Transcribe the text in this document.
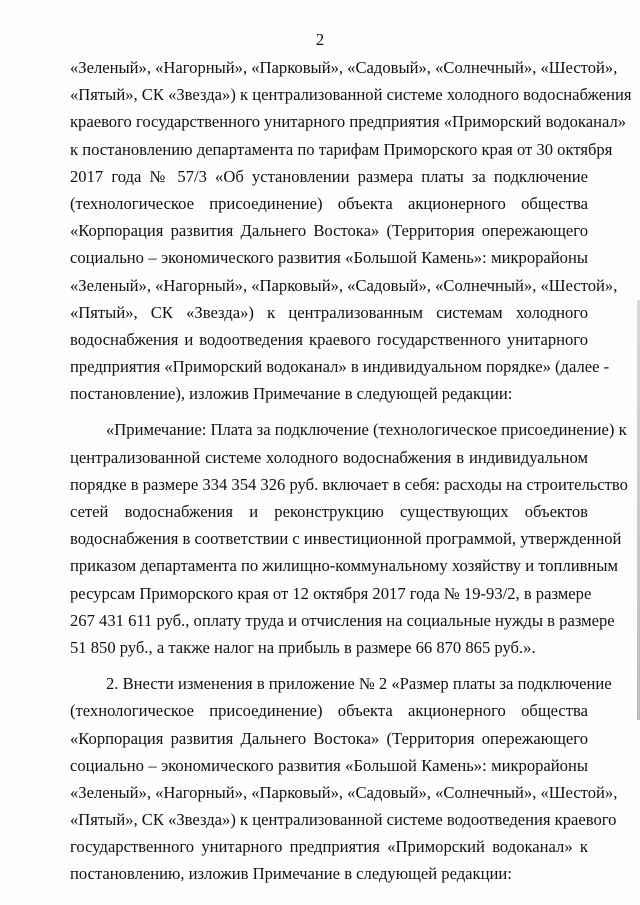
2
«Зеленый», «Нагорный», «Парковый», «Садовый», «Солнечный», «Шестой»,
«Пятый», СК «Звезда») к централизованной системе холодного водоснабжения
краевого государственного унитарного предприятия «Приморский водоканал»
к постановлению департамента по тарифам Приморского края от 30 октября
2017 года № 57/3 «Об установлении размера платы за подключение
(технологическое присоединение) объекта акционерного общества
«Корпорация развития Дальнего Востока» (Территория опережающего
социально – экономического развития «Большой Камень»: микрорайоны
«Зеленый», «Нагорный», «Парковый», «Садовый», «Солнечный», «Шестой»,
«Пятый», СК «Звезда») к централизованным системам холодного
водоснабжения и водоотведения краевого государственного унитарного
предприятия «Приморский водоканал» в индивидуальном порядке» (далее -
постановление), изложив Примечание в следующей редакции:
«Примечание: Плата за подключение (технологическое присоединение) к
централизованной системе холодного водоснабжения в индивидуальном
порядке в размере 334 354 326 руб. включает в себя: расходы на строительство
сетей водоснабжения и реконструкцию существующих объектов
водоснабжения в соответствии с инвестиционной программой, утвержденной
приказом департамента по жилищно-коммунальному хозяйству и топливным
ресурсам Приморского края от 12 октября 2017 года № 19-93/2, в размере
267 431 611 руб., оплату труда и отчисления на социальные нужды в размере
51 850 руб., а также налог на прибыль в размере 66 870 865 руб.».
2. Внести изменения в приложение № 2 «Размер платы за подключение
(технологическое присоединение) объекта акционерного общества
«Корпорация развития Дальнего Востока» (Территория опережающего
социально – экономического развития «Большой Камень»: микрорайоны
«Зеленый», «Нагорный», «Парковый», «Садовый», «Солнечный», «Шестой»,
«Пятый», СК «Звезда») к централизованной системе водоотведения краевого
государственного унитарного предприятия «Приморский водоканал» к
постановлению, изложив Примечание в следующей редакции:
